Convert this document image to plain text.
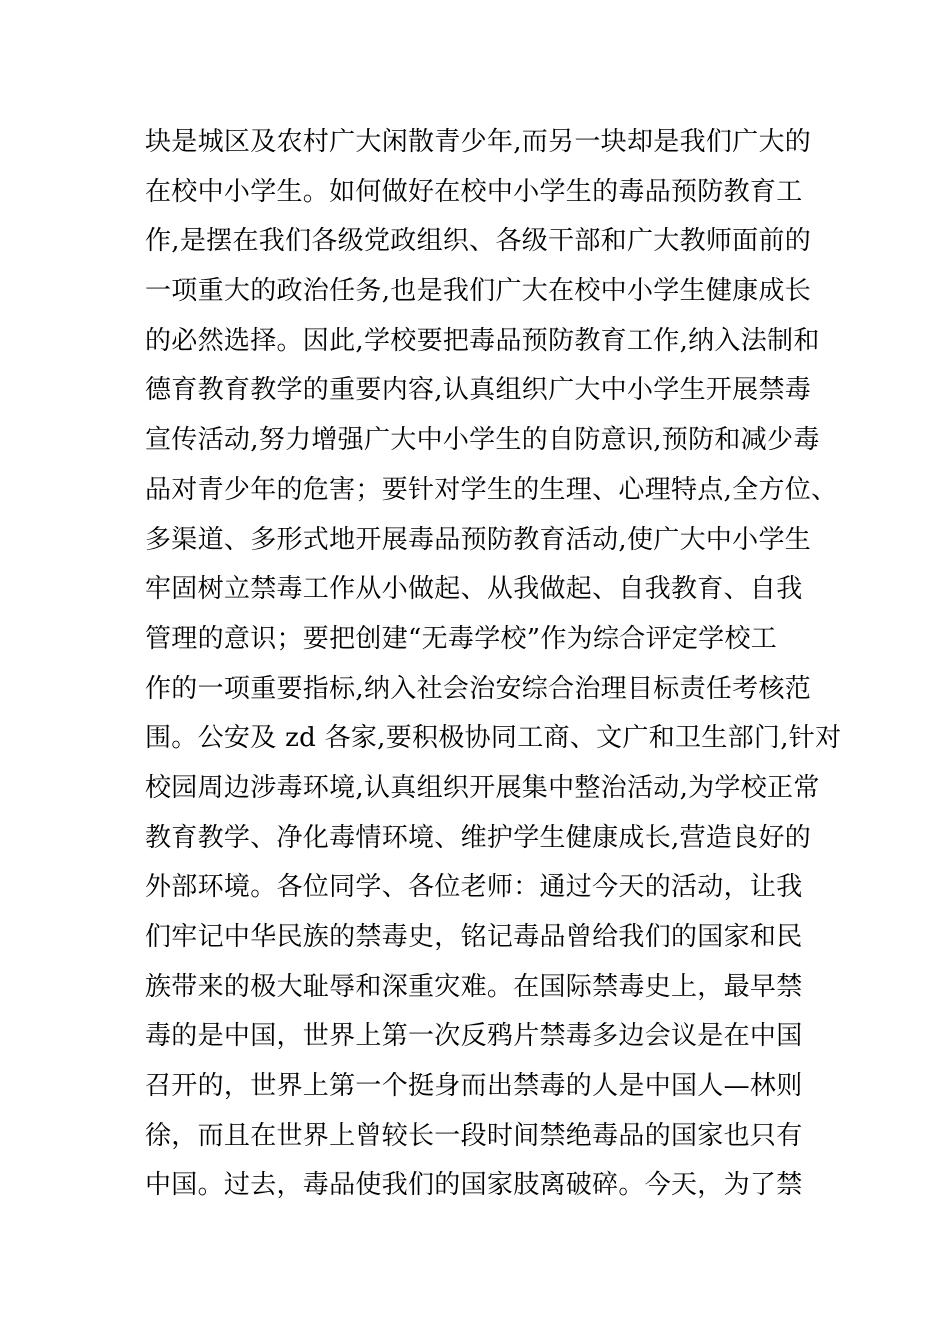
块是城区及农村广大闲散青少年,而另一块却是我们广大的
在校中小学生。如何做好在校中小学生的毒品预防教育工
作,是摆在我们各级党政组织、各级干部和广大教师面前的
一项重大的政治任务,也是我们广大在校中小学生健康成长
的必然选择。因此,学校要把毒品预防教育工作,纳入法制和
德育教育教学的重要内容,认真组织广大中小学生开展禁毒
宣传活动,努力增强广大中小学生的自防意识,预防和减少毒
品对青少年的危害；要针对学生的生理、心理特点,全方位、
多渠道、多形式地开展毒品预防教育活动,使广大中小学生
牢固树立禁毒工作从小做起、从我做起、自我教育、自我
管理的意识；要把创建“无毒学校”作为综合评定学校工
作的一项重要指标,纳入社会治安综合治理目标责任考核范
围。公安及 zd 各家,要积极协同工商、文广和卫生部门,针对
校园周边涉毒环境,认真组织开展集中整治活动,为学校正常
教育教学、净化毒情环境、维护学生健康成长,营造良好的
外部环境。各位同学、各位老师：通过今天的活动，让我
们牢记中华民族的禁毒史，铭记毒品曾给我们的国家和民
族带来的极大耻辱和深重灾难。在国际禁毒史上，最早禁
毒的是中国，世界上第一次反鸦片禁毒多边会议是在中国
召开的，世界上第一个挺身而出禁毒的人是中国人—林则
徐，而且在世界上曾较长一段时间禁绝毒品的国家也只有
中国。过去，毒品使我们的国家肢离破碎。今天，为了禁
